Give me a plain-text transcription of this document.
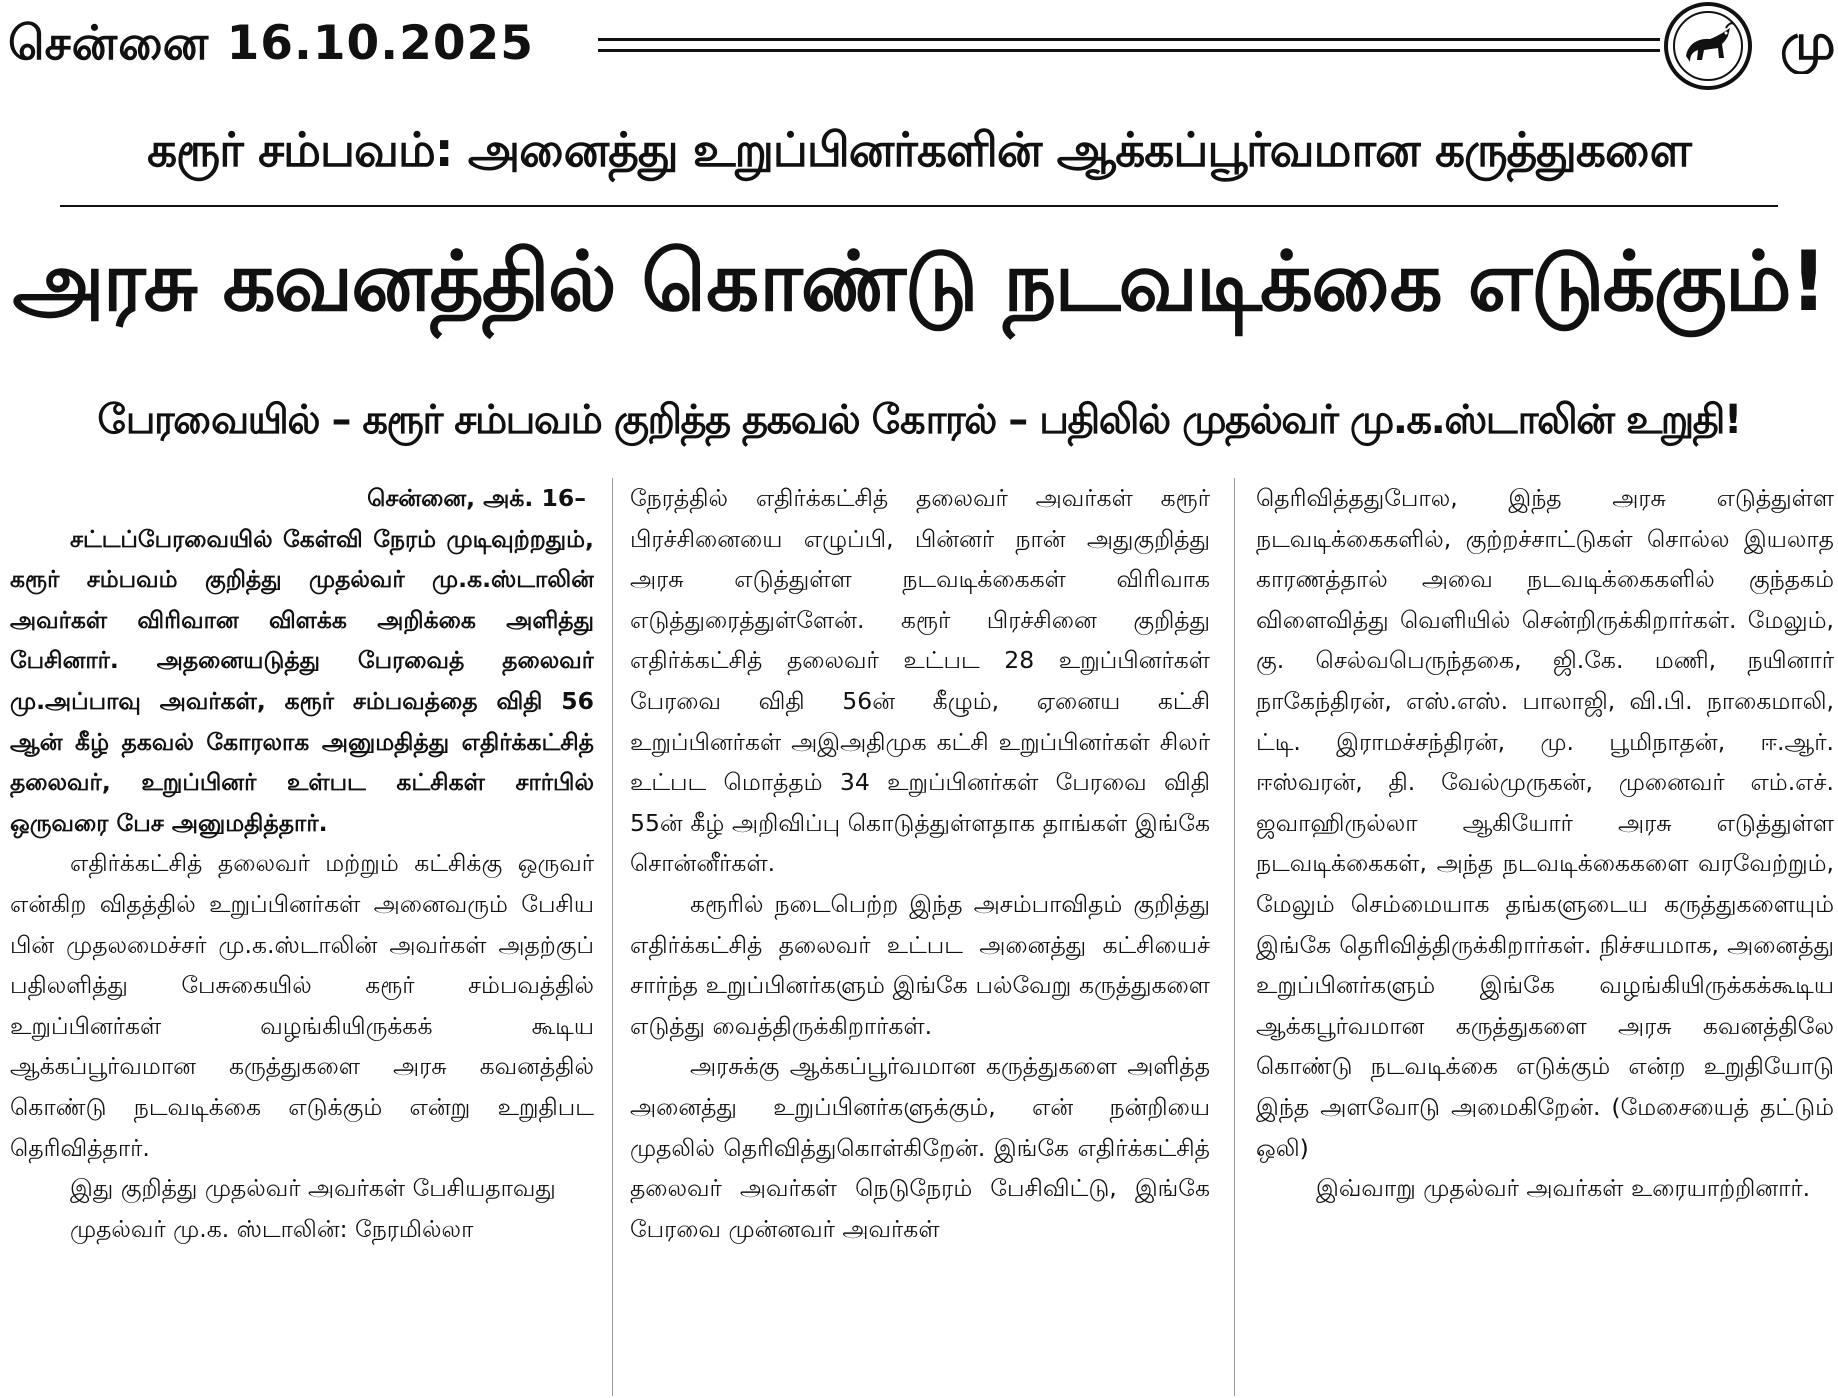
சென்னை 16.10.2025	மு
கரூர் சம்பவம்: அனைத்து உறுப்பினர்களின் ஆக்கப்பூர்வமான கருத்துகளை
அரசு கவனத்தில் கொண்டு நடவடிக்கை எடுக்கும்!
பேரவையில் – கரூர் சம்பவம் குறித்த தகவல் கோரல் – பதிலில் முதல்வர் மு.க.ஸ்டாலின் உறுதி!

சென்னை, அக். 16–

சட்டப்பேரவையில் கேள்வி நேரம் முடிவுற்றதும், கரூர் சம்பவம் குறித்து முதல்வர் மு.க.ஸ்டாலின் அவர்கள் விரிவான விளக்க அறிக்கை அளித்து பேசினார். அதனையடுத்து பேரவைத் தலைவர் மு.அப்பாவு அவர்கள், கரூர் சம்பவத்தை விதி 56 ஆன் கீழ் தகவல் கோரலாக அனுமதித்து எதிர்க்கட்சித் தலைவர், உறுப்பினர் உள்பட கட்சிகள் சார்பில் ஒருவரை பேச அனுமதித்தார்.

எதிர்க்கட்சித் தலைவர் மற்றும் கட்சிக்கு ஒருவர் என்கிற விதத்தில் உறுப்பினர்கள் அனைவரும் பேசிய பின் முதலமைச்சர் மு.க.ஸ்டாலின் அவர்கள் அதற்குப் பதிலளித்து பேசுகையில் கரூர் சம்பவத்தில் உறுப்பினர்கள் வழங்கியிருக்கக் கூடிய ஆக்கப்பூர்வமான கருத்துகளை அரசு கவனத்தில் கொண்டு நடவடிக்கை எடுக்கும் என்று உறுதிபட தெரிவித்தார்.

இது குறித்து முதல்வர் அவர்கள் பேசியதாவது

முதல்வர் மு.க. ஸ்டாலின்: நேரமில்லா

நேரத்தில் எதிர்க்கட்சித் தலைவர் அவர்கள் கரூர் பிரச்சினையை எழுப்பி, பின்னர் நான் அதுகுறித்து அரசு எடுத்துள்ள நடவடிக்கைகள் விரிவாக எடுத்துரைத்துள்ளேன். கரூர் பிரச்சினை குறித்து எதிர்க்கட்சித் தலைவர் உட்பட 28 உறுப்பினர்கள் பேரவை விதி 56ன் கீழும், ஏனைய கட்சி உறுப்பினர்கள் அஇஅதிமுக கட்சி உறுப்பினர்கள் சிலர் உட்பட மொத்தம் 34 உறுப்பினர்கள் பேரவை விதி 55ன் கீழ் அறிவிப்பு கொடுத்துள்ளதாக தாங்கள் இங்கே சொன்னீர்கள்.

கரூரில் நடைபெற்ற இந்த அசம்பாவிதம் குறித்து எதிர்க்கட்சித் தலைவர் உட்பட அனைத்து கட்சியைச் சார்ந்த உறுப்பினர்களும் இங்கே பல்வேறு கருத்துகளை எடுத்து வைத்திருக்கிறார்கள்.

அரசுக்கு ஆக்கப்பூர்வமான கருத்துகளை அளித்த அனைத்து உறுப்பினர்களுக்கும், என் நன்றியை முதலில் தெரிவித்துகொள்கிறேன். இங்கே எதிர்க்கட்சித் தலைவர் அவர்கள் நெடுநேரம் பேசிவிட்டு, இங்கே பேரவை முன்னவர் அவர்கள்

தெரிவித்ததுபோல, இந்த அரசு எடுத்துள்ள நடவடிக்கைகளில், குற்றச்சாட்டுகள் சொல்ல இயலாத காரணத்தால் அவை நடவடிக்கைகளில் குந்தகம் விளைவித்து வெளியில் சென்றிருக்கிறார்கள். மேலும், கு. செல்வபெருந்தகை, ஜி.கே. மணி, நயினார் நாகேந்திரன், எஸ்.எஸ். பாலாஜி, வி.பி. நாகைமாலி, ட்டி. இராமச்சந்திரன், மு. பூமிநாதன், ஈ.ஆர். ஈஸ்வரன், தி. வேல்முருகன், முனைவர் எம்.எச். ஜவாஹிருல்லா ஆகியோர் அரசு எடுத்துள்ள நடவடிக்கைகள், அந்த நடவடிக்கைகளை வரவேற்றும், மேலும் செம்மையாக தங்களுடைய கருத்துகளையும் இங்கே தெரிவித்திருக்கிறார்கள். நிச்சயமாக, அனைத்து உறுப்பினர்களும் இங்கே வழங்கியிருக்கக்கூடிய ஆக்கபூர்வமான கருத்துகளை அரசு கவனத்திலே கொண்டு நடவடிக்கை எடுக்கும் என்ற உறுதியோடு இந்த அளவோடு அமைகிறேன். (மேசையைத் தட்டும் ஒலி)

இவ்வாறு முதல்வர் அவர்கள் உரையாற்றினார்.
